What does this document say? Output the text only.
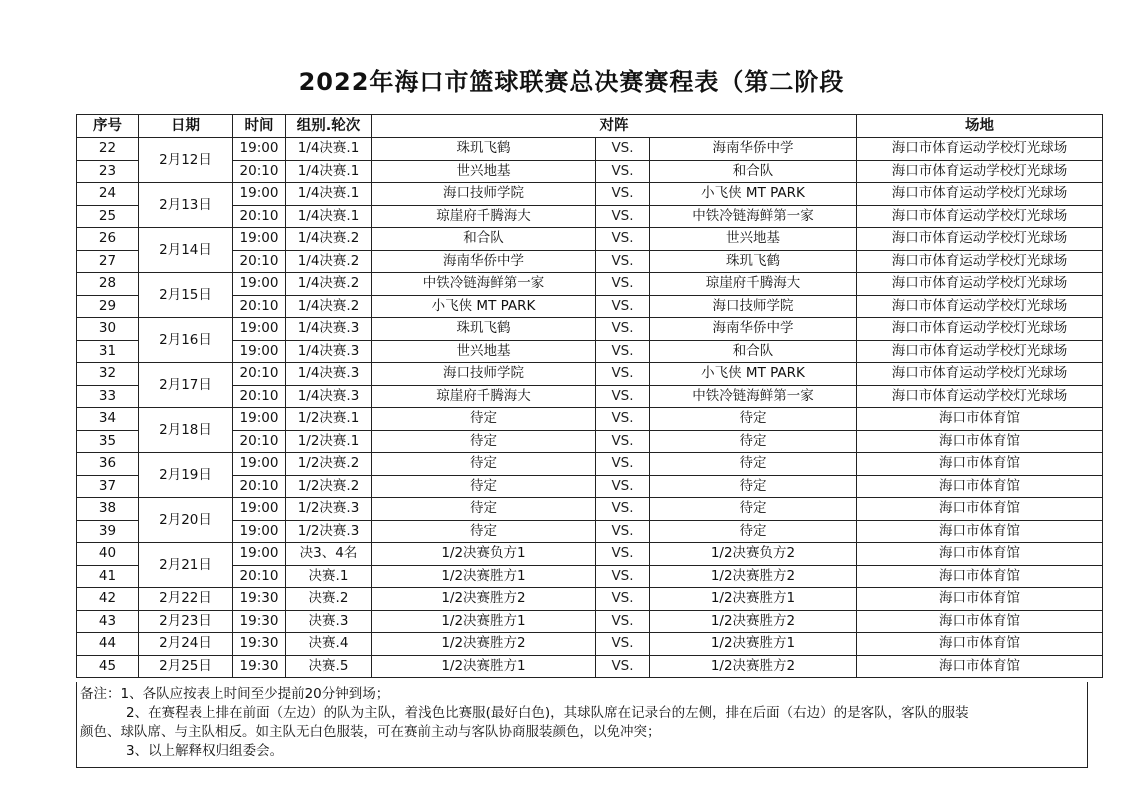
2022年海口市篮球联赛总决赛赛程表（第二阶段
序号	日期	时间	组别.轮次	对阵			场地
22	2月12日	19:00	1/4决赛.1	珠玑飞鹤	VS.	海南华侨中学	海口市体育运动学校灯光球场
23		20:10	1/4决赛.1	世兴地基	VS.	和合队	海口市体育运动学校灯光球场
24	2月13日	19:00	1/4决赛.1	海口技师学院	VS.	小飞侠 MT PARK	海口市体育运动学校灯光球场
25		20:10	1/4决赛.1	琼崖府千腾海大	VS.	中铁冷链海鲜第一家	海口市体育运动学校灯光球场
26	2月14日	19:00	1/4决赛.2	和合队	VS.	世兴地基	海口市体育运动学校灯光球场
27		20:10	1/4决赛.2	海南华侨中学	VS.	珠玑飞鹤	海口市体育运动学校灯光球场
28	2月15日	19:00	1/4决赛.2	中铁冷链海鲜第一家	VS.	琼崖府千腾海大	海口市体育运动学校灯光球场
29		20:10	1/4决赛.2	小飞侠 MT PARK	VS.	海口技师学院	海口市体育运动学校灯光球场
30	2月16日	19:00	1/4决赛.3	珠玑飞鹤	VS.	海南华侨中学	海口市体育运动学校灯光球场
31		19:00	1/4决赛.3	世兴地基	VS.	和合队	海口市体育运动学校灯光球场
32	2月17日	20:10	1/4决赛.3	海口技师学院	VS.	小飞侠 MT PARK	海口市体育运动学校灯光球场
33		20:10	1/4决赛.3	琼崖府千腾海大	VS.	中铁冷链海鲜第一家	海口市体育运动学校灯光球场
34	2月18日	19:00	1/2决赛.1	待定	VS.	待定	海口市体育馆
35		20:10	1/2决赛.1	待定	VS.	待定	海口市体育馆
36	2月19日	19:00	1/2决赛.2	待定	VS.	待定	海口市体育馆
37		20:10	1/2决赛.2	待定	VS.	待定	海口市体育馆
38	2月20日	19:00	1/2决赛.3	待定	VS.	待定	海口市体育馆
39		19:00	1/2决赛.3	待定	VS.	待定	海口市体育馆
40	2月21日	19:00	决3、4名	1/2决赛负方1	VS.	1/2决赛负方2	海口市体育馆
41		20:10	决赛.1	1/2决赛胜方1	VS.	1/2决赛胜方2	海口市体育馆
42	2月22日	19:30	决赛.2	1/2决赛胜方2	VS.	1/2决赛胜方1	海口市体育馆
43	2月23日	19:30	决赛.3	1/2决赛胜方1	VS.	1/2决赛胜方2	海口市体育馆
44	2月24日	19:30	决赛.4	1/2决赛胜方2	VS.	1/2决赛胜方1	海口市体育馆
45	2月25日	19:30	决赛.5	1/2决赛胜方1	VS.	1/2决赛胜方2	海口市体育馆
备注：1、各队应按表上时间至少提前20分钟到场；
2、在赛程表上排在前面（左边）的队为主队，着浅色比赛服(最好白色)，其球队席在记录台的左侧，排在后面（右边）的是客队，客队的服装
颜色、球队席、与主队相反。如主队无白色服装，可在赛前主动与客队协商服装颜色，以免冲突；
3、以上解释权归组委会。
